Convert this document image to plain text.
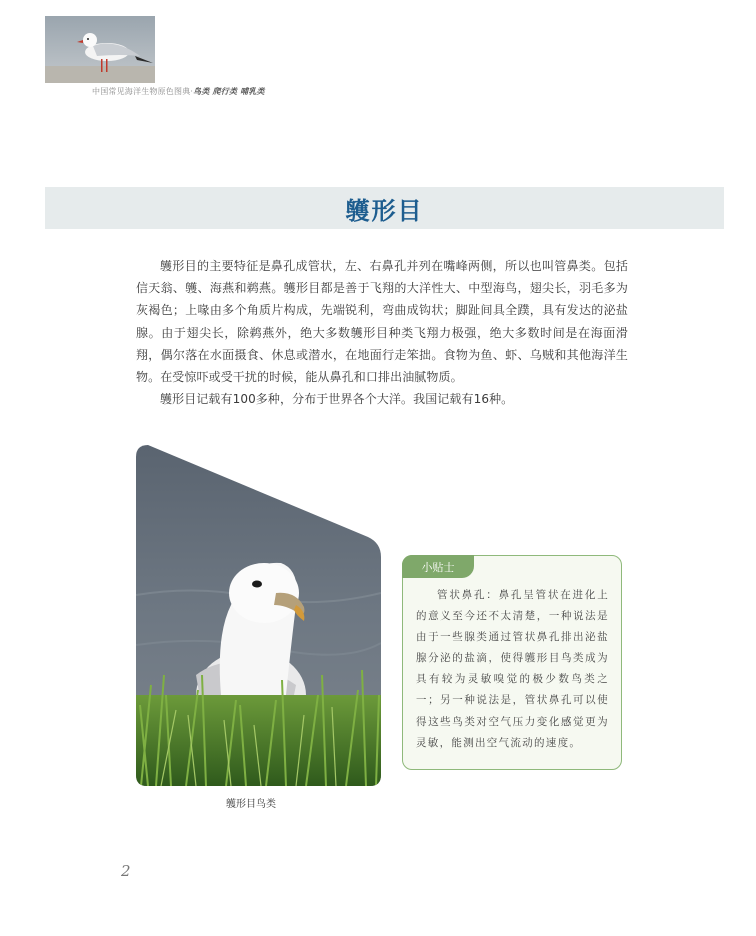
中国常见海洋生物原色图典·鸟类 爬行类 哺乳类
鹱形目

鹱形目的主要特征是鼻孔成管状，左、右鼻孔并列在嘴峰两侧，所以也叫管鼻类。包括信天翁、鹱、海燕和鹈燕。鹱形目都是善于飞翔的大洋性大、中型海鸟，翅尖长，羽毛多为灰褐色；上喙由多个角质片构成，先端锐利，弯曲成钩状；脚趾间具全蹼，具有发达的泌盐腺。由于翅尖长，除鹈燕外，绝大多数鹱形目种类飞翔力极强，绝大多数时间是在海面滑翔，偶尔落在水面摄食、休息或潜水，在地面行走笨拙。食物为鱼、虾、乌贼和其他海洋生物。在受惊吓或受干扰的时候，能从鼻孔和口排出油腻物质。

鹱形目记载有100多种，分布于世界各个大洋。我国记载有16种。

鹱形目鸟类
小贴士

管状鼻孔：鼻孔呈管状在进化上的意义至今还不太清楚，一种说法是由于一些腺类通过管状鼻孔排出泌盐腺分泌的盐滴，使得鹱形目鸟类成为具有较为灵敏嗅觉的极少数鸟类之一；另一种说法是，管状鼻孔可以使得这些鸟类对空气压力变化感觉更为灵敏，能测出空气流动的速度。

2
